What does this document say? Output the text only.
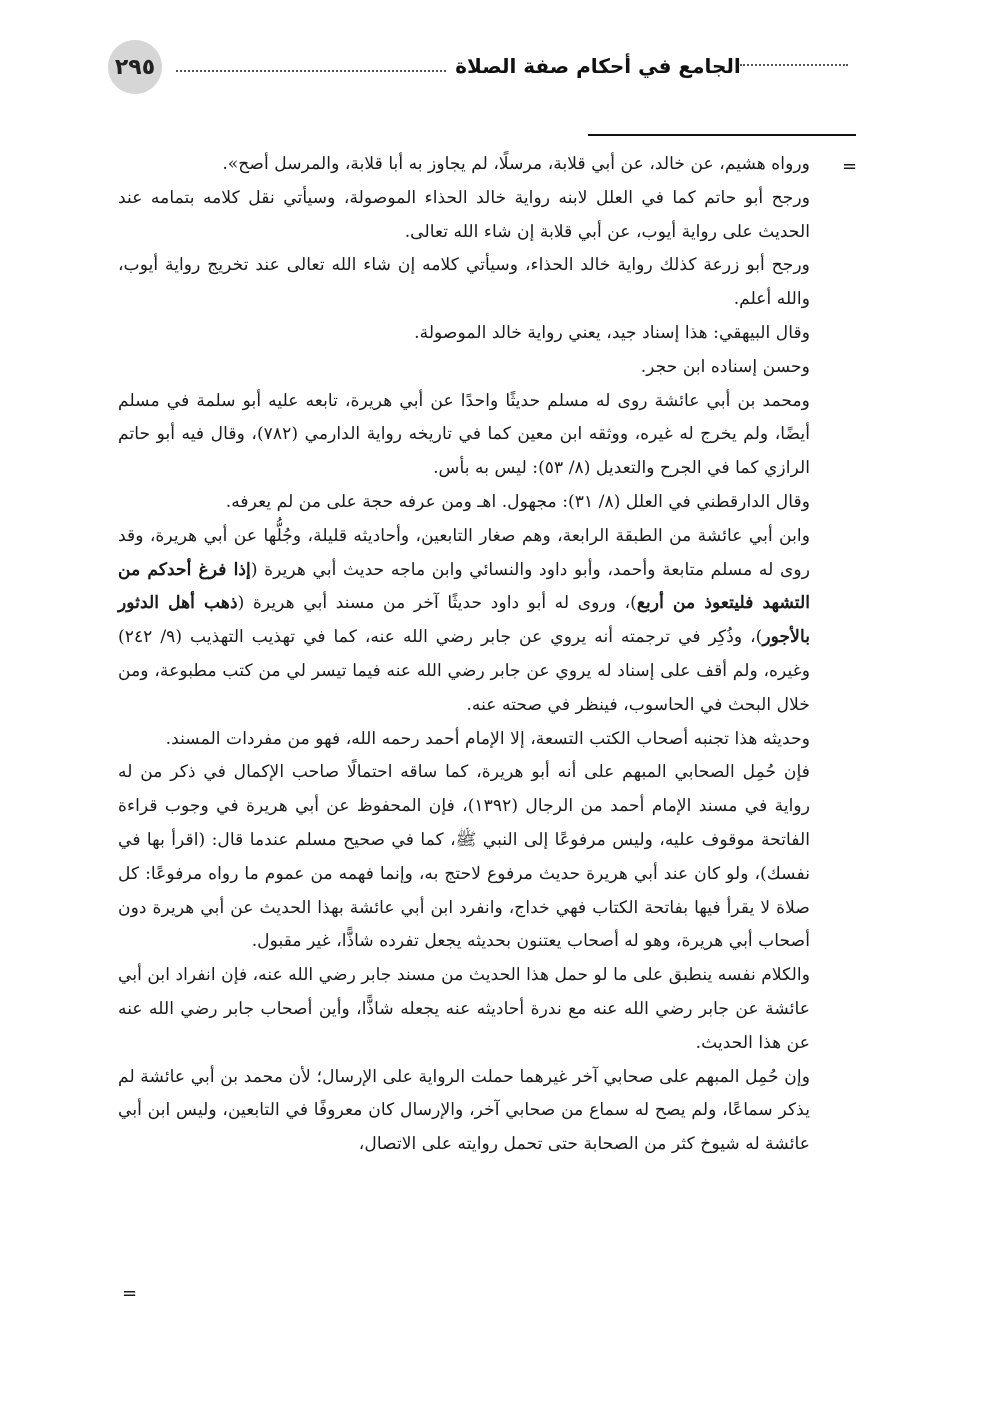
٢٩٥	الجامع في أحكام صفة الصلاة
=

ورواه هشيم، عن خالد، عن أبي قلابة، مرسلًا، لم يجاوز به أبا قلابة، والمرسل أصح».

ورجح أبو حاتم كما في العلل لابنه رواية خالد الحذاء الموصولة، وسيأتي نقل كلامه بتمامه عند الحديث على رواية أيوب، عن أبي قلابة إن شاء الله تعالى.

ورجح أبو زرعة كذلك رواية خالد الحذاء، وسيأتي كلامه إن شاء الله تعالى عند تخريج رواية أيوب، والله أعلم.

وقال البيهقي: هذا إسناد جيد، يعني رواية خالد الموصولة.

وحسن إسناده ابن حجر.

ومحمد بن أبي عائشة روى له مسلم حديثًا واحدًا عن أبي هريرة، تابعه عليه أبو سلمة في مسلم أيضًا، ولم يخرج له غيره، ووثقه ابن معين كما في تاريخه رواية الدارمي (٧٨٢)، وقال فيه أبو حاتم الرازي كما في الجرح والتعديل (٨/ ٥٣): ليس به بأس.

وقال الدارقطني في العلل (٨/ ٣١): مجهول. اهـ ومن عرفه حجة على من لم يعرفه.

وابن أبي عائشة من الطبقة الرابعة، وهم صغار التابعين، وأحاديثه قليلة، وجُلُّها عن أبي هريرة، وقد روى له مسلم متابعة وأحمد، وأبو داود والنسائي وابن ماجه حديث أبي هريرة (إذا فرغ أحدكم من التشهد فليتعوذ من أربع)، وروى له أبو داود حديثًا آخر من مسند أبي هريرة (ذهب أهل الدثور بالأجور)، وذُكِر في ترجمته أنه يروي عن جابر رضي الله عنه، كما في تهذيب التهذيب (٩/ ٢٤٢) وغيره، ولم أقف على إسناد له يروي عن جابر رضي الله عنه فيما تيسر لي من كتب مطبوعة، ومن خلال البحث في الحاسوب، فينظر في صحته عنه.

وحديثه هذا تجنبه أصحاب الكتب التسعة، إلا الإمام أحمد رحمه الله، فهو من مفردات المسند.

فإن حُمِل الصحابي المبهم على أنه أبو هريرة، كما ساقه احتمالًا صاحب الإكمال في ذكر من له رواية في مسند الإمام أحمد من الرجال (١٣٩٢)، فإن المحفوظ عن أبي هريرة في وجوب قراءة الفاتحة موقوف عليه، وليس مرفوعًا إلى النبي ﷺ، كما في صحيح مسلم عندما قال: (اقرأ بها في نفسك)، ولو كان عند أبي هريرة حديث مرفوع لاحتج به، وإنما فهمه من عموم ما رواه مرفوعًا: كل صلاة لا يقرأ فيها بفاتحة الكتاب فهي خداج، وانفرد ابن أبي عائشة بهذا الحديث عن أبي هريرة دون أصحاب أبي هريرة، وهو له أصحاب يعتنون بحديثه يجعل تفرده شاذًّا، غير مقبول.

والكلام نفسه ينطبق على ما لو حمل هذا الحديث من مسند جابر رضي الله عنه، فإن انفراد ابن أبي عائشة عن جابر رضي الله عنه مع ندرة أحاديثه عنه يجعله شاذًّا، وأين أصحاب جابر رضي الله عنه عن هذا الحديث.

وإن حُمِل المبهم على صحابي آخر غيرهما حملت الرواية على الإرسال؛ لأن محمد بن أبي عائشة لم يذكر سماعًا، ولم يصح له سماع من صحابي آخر، والإرسال كان معروفًا في التابعين، وليس ابن أبي عائشة له شيوخ كثر من الصحابة حتى تحمل روايته على الاتصال،

=
